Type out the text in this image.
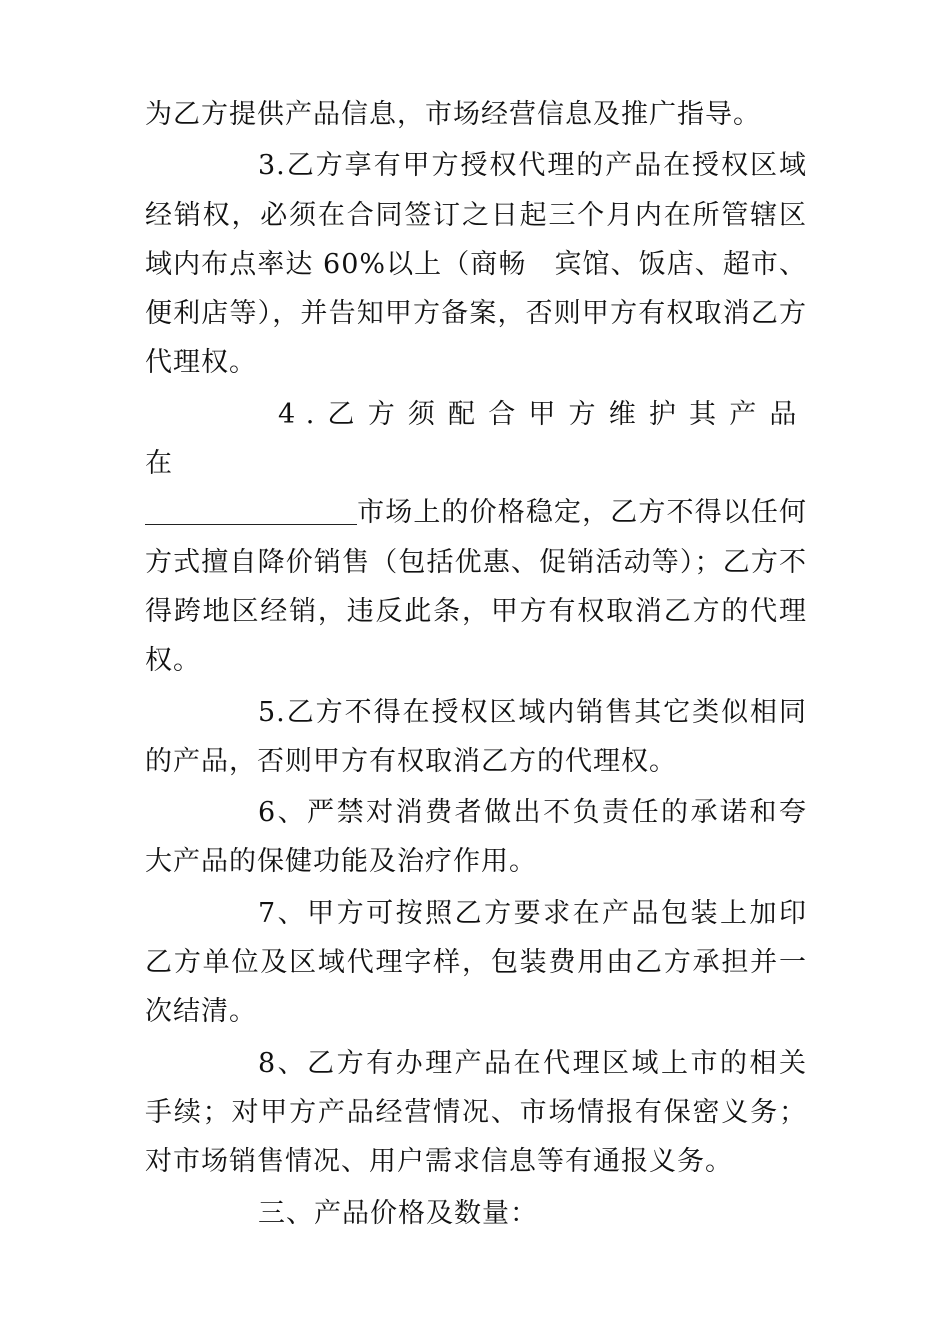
为乙方提供产品信息，市场经营信息及推广指导。

3.乙方享有甲方授权代理的产品在授权区域经销权，必须在合同签订之日起三个月内在所管辖区域内布点率达 60%以上（商畅　宾馆、饭店、超市、便利店等），并告知甲方备案，否则甲方有权取消乙方代理权。

4.乙方须配合甲方维护其产品在
市场上的价格稳定，乙方不得以任何方式擅自降价销售（包括优惠、促销活动等）；乙方不得跨地区经销，违反此条，甲方有权取消乙方的代理权。

5.乙方不得在授权区域内销售其它类似相同的产品，否则甲方有权取消乙方的代理权。

6、严禁对消费者做出不负责任的承诺和夸大产品的保健功能及治疗作用。

7、甲方可按照乙方要求在产品包装上加印乙方单位及区域代理字样，包装费用由乙方承担并一次结清。

8、乙方有办理产品在代理区域上市的相关手续；对甲方产品经营情况、市场情报有保密义务；对市场销售情况、用户需求信息等有通报义务。

三、产品价格及数量：
